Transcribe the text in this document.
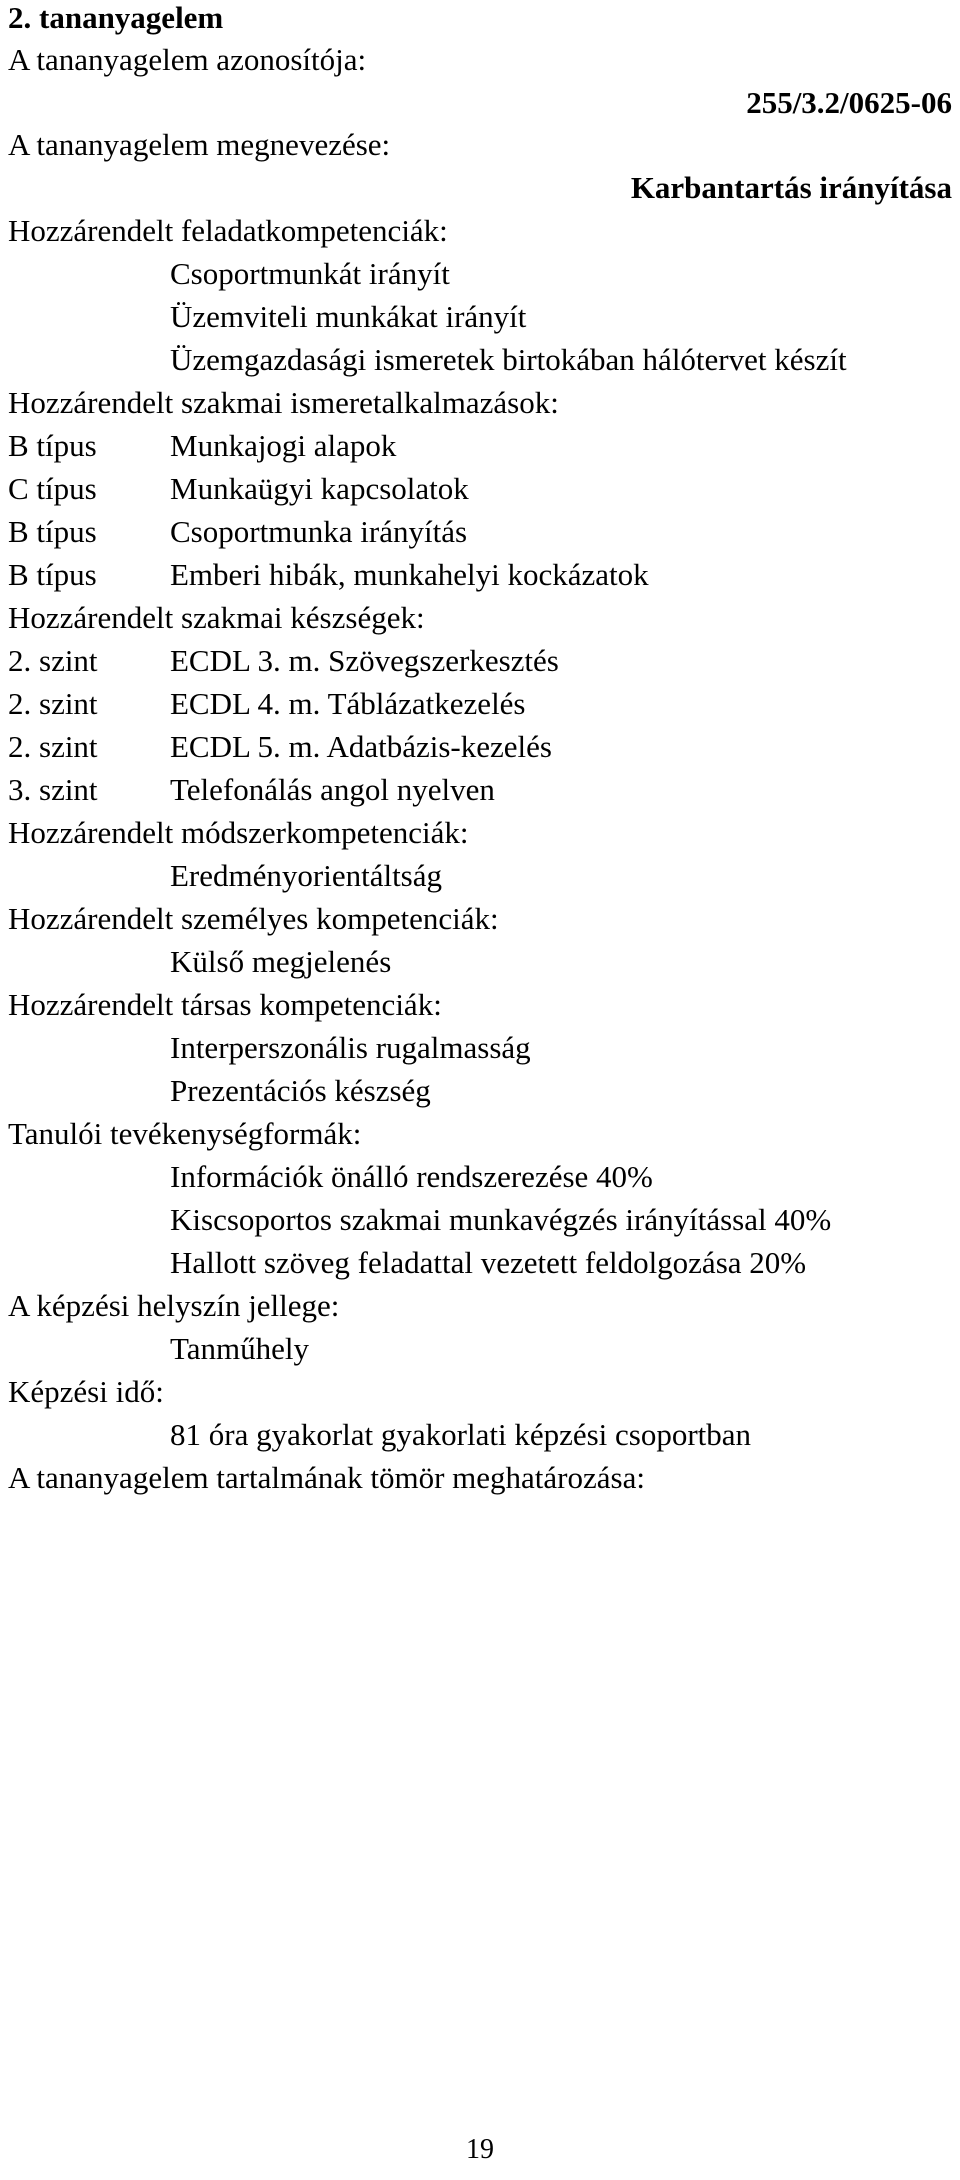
2. tananyagelem
A tananyagelem azonosítója:
255/3.2/0625-06
A tananyagelem megnevezése:
Karbantartás irányítása
Hozzárendelt feladatkompetenciák:
Csoportmunkát irányít
Üzemviteli munkákat irányít
Üzemgazdasági ismeretek birtokában hálótervet készít
Hozzárendelt szakmai ismeretalkalmazások:
B típus Munkajogi alapok
C típus Munkaügyi kapcsolatok
B típus Csoportmunka irányítás
B típus Emberi hibák, munkahelyi kockázatok
Hozzárendelt szakmai készségek:
2. szint ECDL 3. m. Szövegszerkesztés
2. szint ECDL 4. m. Táblázatkezelés
2. szint ECDL 5. m. Adatbázis-kezelés
3. szint Telefonálás angol nyelven
Hozzárendelt módszerkompetenciák:
Eredményorientáltság
Hozzárendelt személyes kompetenciák:
Külső megjelenés
Hozzárendelt társas kompetenciák:
Interperszonális rugalmasság
Prezentációs készség
Tanulói tevékenységformák:
Információk önálló rendszerezése 40%
Kiscsoportos szakmai munkavégzés irányítással 40%
Hallott szöveg feladattal vezetett feldolgozása 20%
A képzési helyszín jellege:
Tanműhely
Képzési idő:
81 óra gyakorlat gyakorlati képzési csoportban
A tananyagelem tartalmának tömör meghatározása:
19
